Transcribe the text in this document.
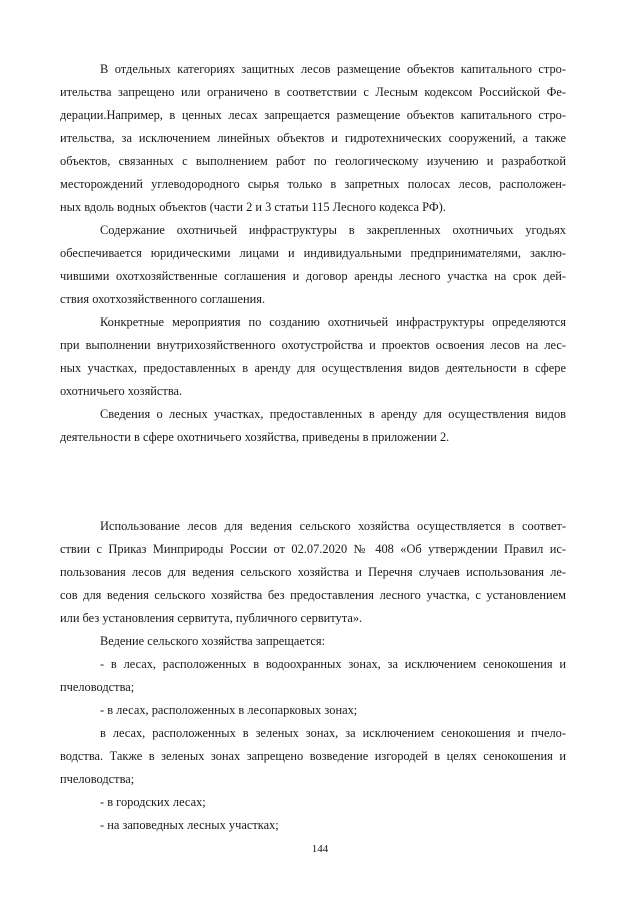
В отдельных категориях защитных лесов размещение объектов капитального стро-
ительства запрещено или ограничено в соответствии с Лесным кодексом Российской Фе-
дерации.Например, в ценных лесах запрещается размещение объектов капитального стро-
ительства, за исключением линейных объектов и гидротехнических сооружений, а также
объектов, связанных с выполнением работ по геологическому изучению и разработкой
месторождений углеводородного сырья только в запретных полосах лесов, расположен-
ных вдоль водных объектов (части 2 и 3 статьи 115 Лесного кодекса РФ).
Содержание охотничьей инфраструктуры в закрепленных охотничьих угодьях
обеспечивается юридическими лицами и индивидуальными предпринимателями, заклю-
чившими охотхозяйственные соглашения и договор аренды лесного участка на срок дей-
ствия охотхозяйственного соглашения.
Конкретные мероприятия по созданию охотничьей инфраструктуры определяются
при выполнении внутрихозяйственного охотустройства и проектов освоения лесов на лес-
ных участках, предоставленных в аренду для осуществления видов деятельности в сфере
охотничьего хозяйства.
Сведения о лесных участках, предоставленных в аренду для осуществления видов
деятельности в сфере охотничьего хозяйства, приведены в приложении 2.
Использование лесов для ведения сельского хозяйства осуществляется в соответ-
ствии с Приказ Минприроды России от 02.07.2020 № 408 «Об утверждении Правил ис-
пользования лесов для ведения сельского хозяйства и Перечня случаев использования ле-
сов для ведения сельского хозяйства без предоставления лесного участка, с установлением
или без установления сервитута, публичного сервитута».
Ведение сельского хозяйства запрещается:
- в лесах, расположенных в водоохранных зонах, за исключением сенокошения и
пчеловодства;
- в лесах, расположенных в лесопарковых зонах;
в лесах, расположенных в зеленых зонах, за исключением сенокошения и пчело-
водства. Также в зеленых зонах запрещено возведение изгородей в целях сенокошения и
пчеловодства;
- в городских лесах;
- на заповедных лесных участках;
144
